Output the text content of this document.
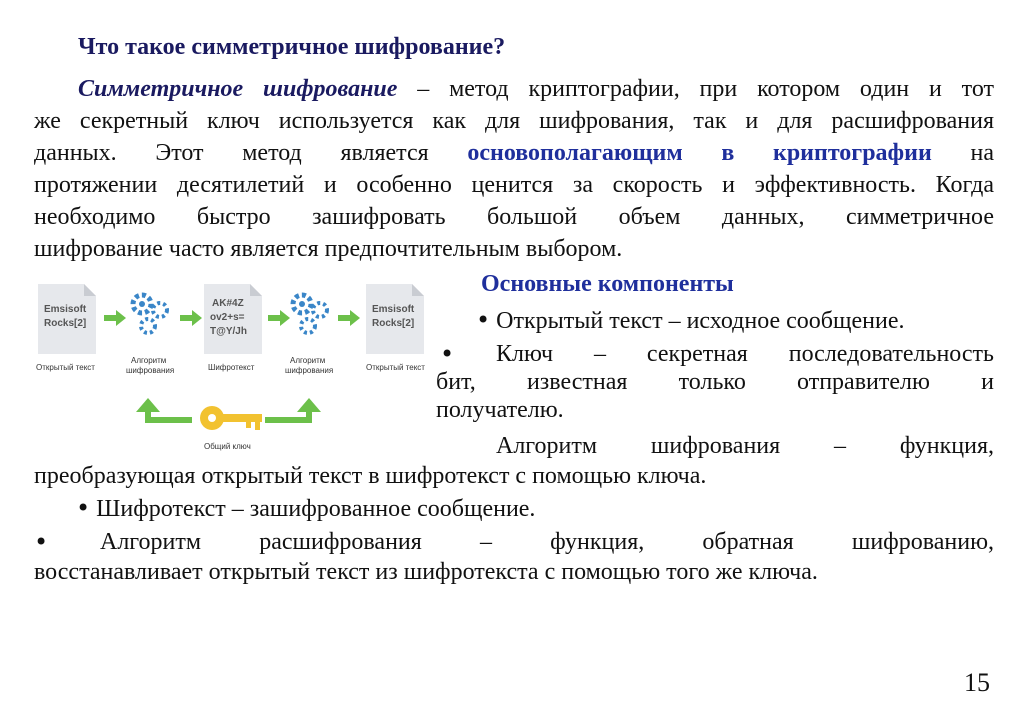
Что такое симметричное шифрование?
Симметричное шифрование – метод криптографии, при котором один и тот
же секретный ключ используется как для шифрования, так и для расшифрования
данных. Этот метод является основополагающим в криптографии на
протяжении десятилетий и особенно ценится за скорость и эффективность. Когда
необходимо быстро зашифровать большой объем данных, симметричное
шифрование часто является предпочтительным выбором.
Emsisoft
Rocks[2]
Открытый текст
Алгоритм
шифрования
AK#4Z
ov2+s=
T@Y/Jh
Шифротекст
Алгоритм
шифрования
Emsisoft
Rocks[2]
Открытый текст
Общий ключ
Основные компоненты
• Открытый текст – исходное сообщение.
• Ключ – секретная последовательность
бит, известная только отправителю и
получателю.
Алгоритм шифрования – функция,
преобразующая открытый текст в шифротекст с помощью ключа.
• Шифротекст – зашифрованное сообщение.
• Алгоритм расшифрования – функция, обратная шифрованию,
восстанавливает открытый текст из шифротекста с помощью того же ключа.
15
